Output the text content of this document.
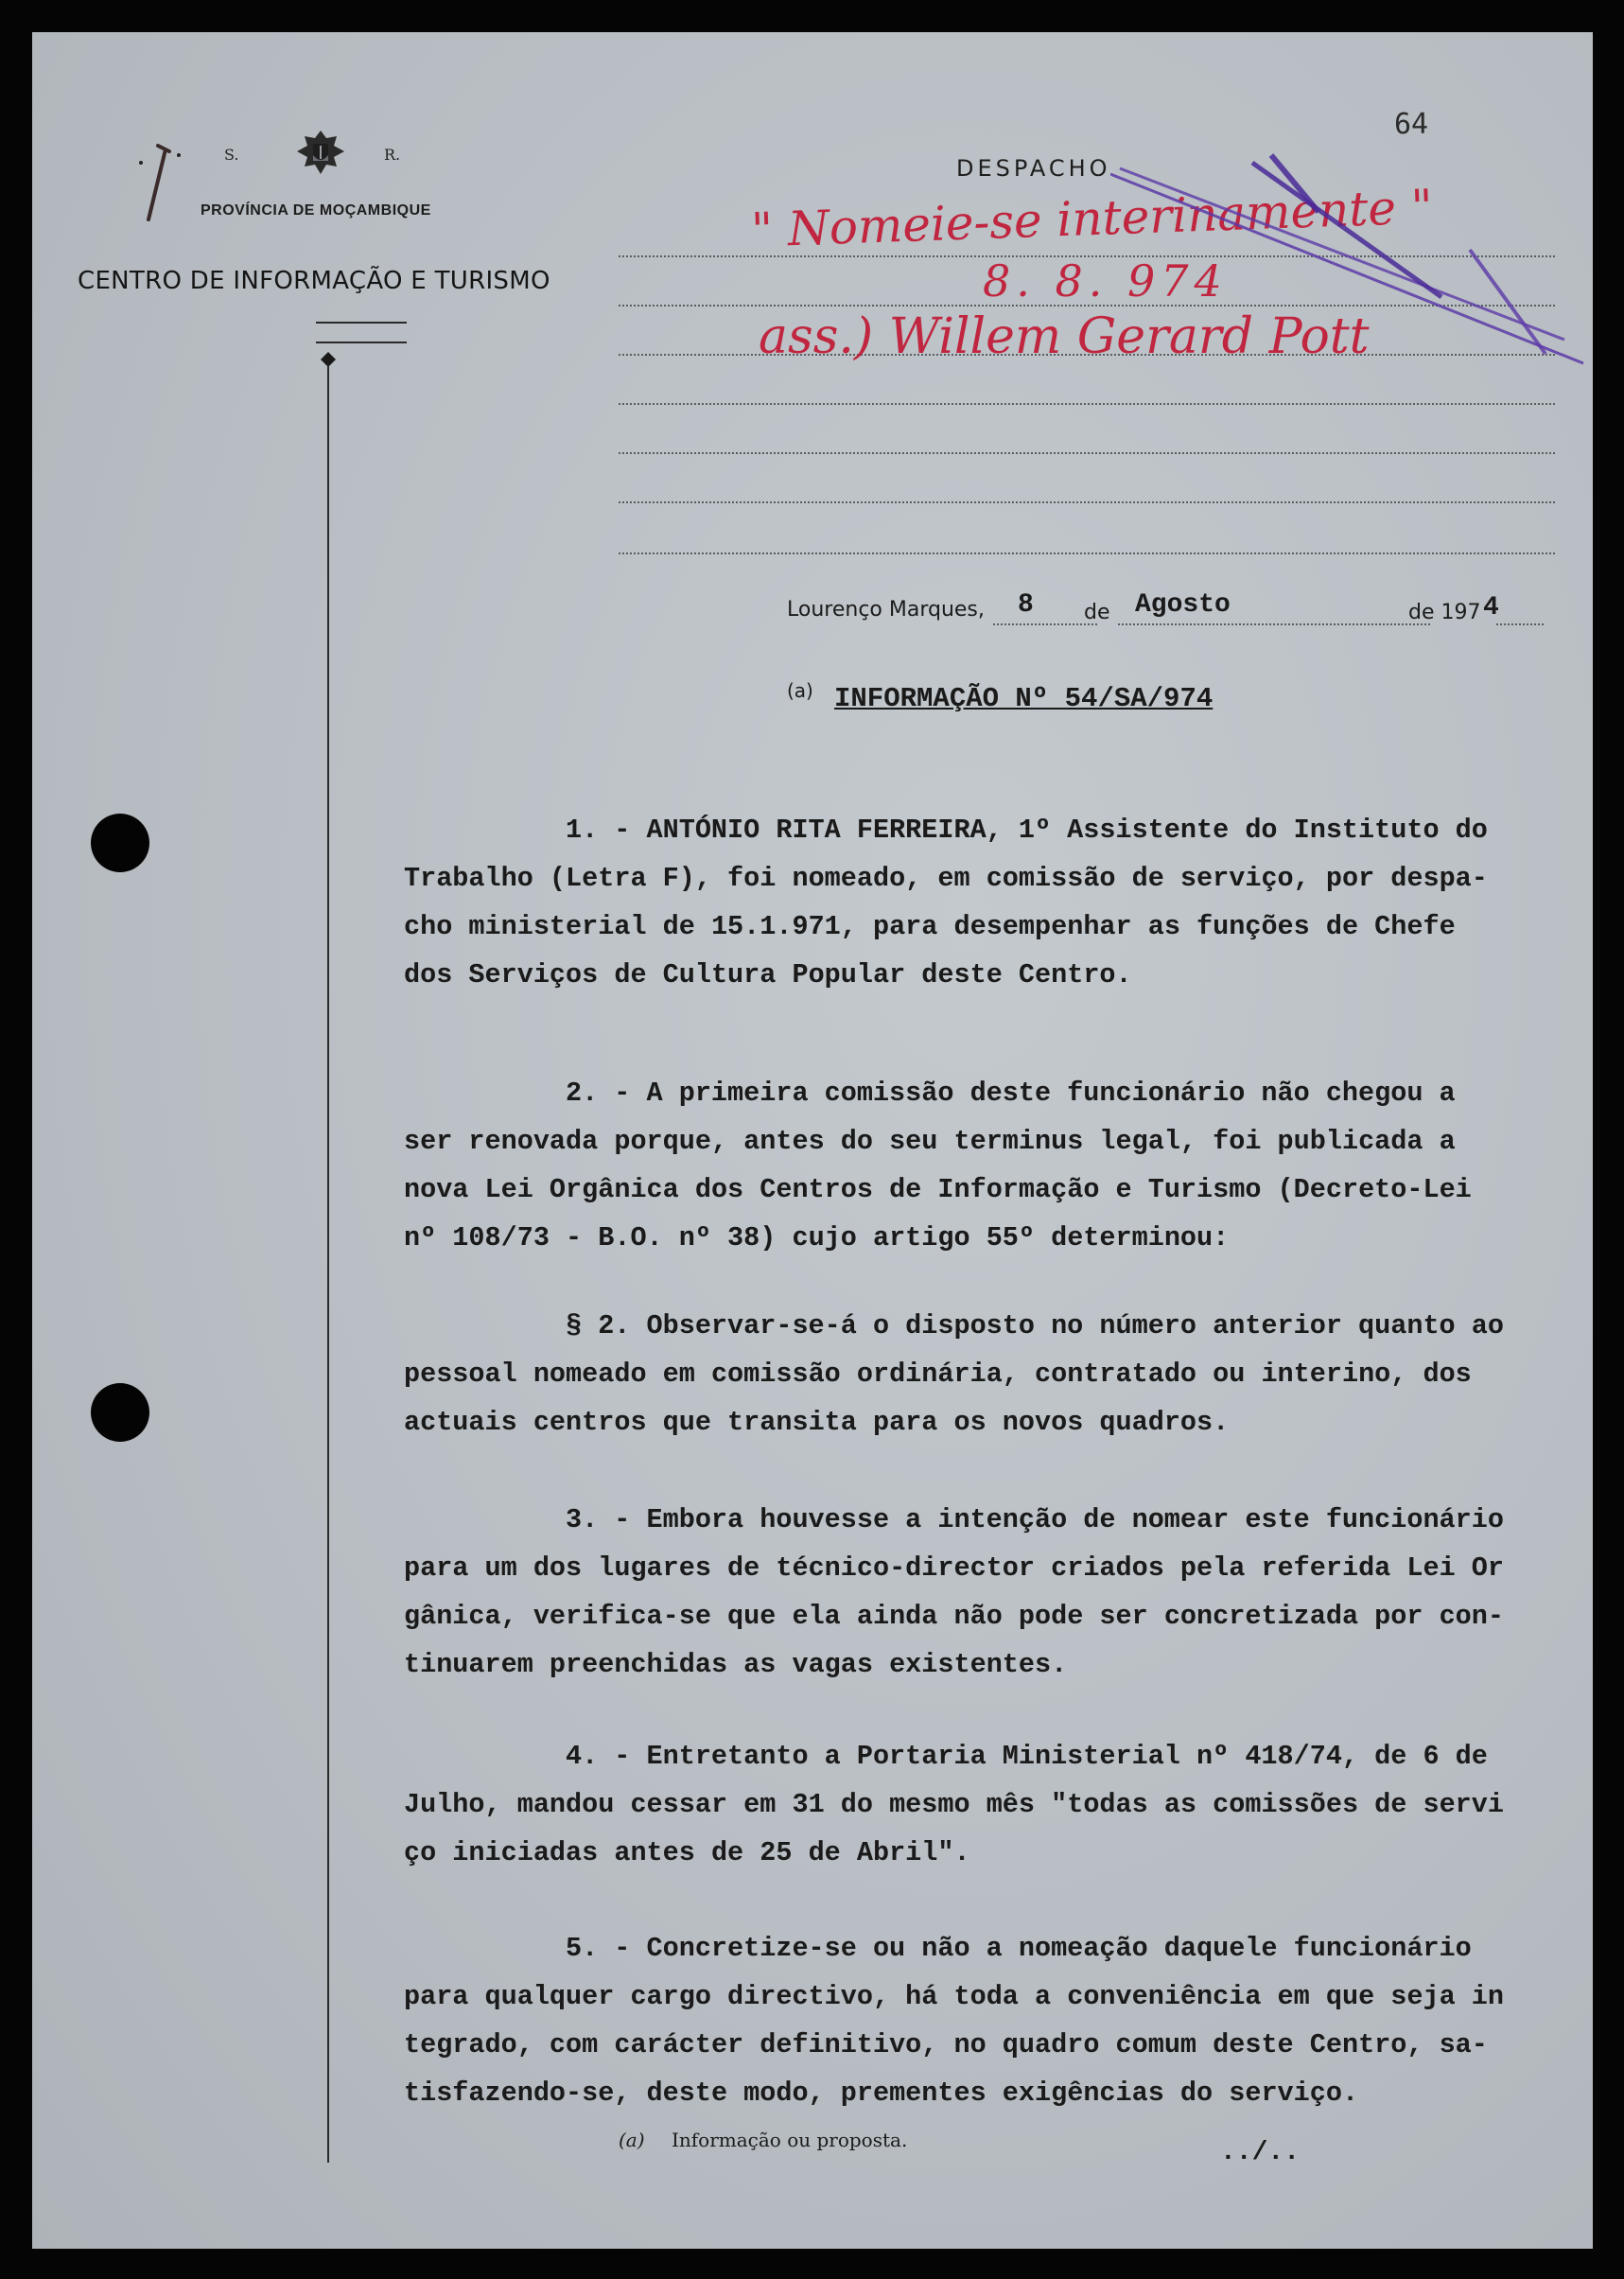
S.	R.
PROVÍNCIA DE MOÇAMBIQUE
CENTRO DE INFORMAÇÃO E TURISMO
DESPACHO
64
" Nomeie-se interinamente "
8. 8. 974
ass.) Willem Gerard Pott
Lourenço Marques, 8 de Agosto	de 197 4
(a) INFORMAÇÃO Nº 54/SA/974

1. - ANTÓNIO RITA FERREIRA, 1º Assistente do Instituto do

Trabalho (Letra F), foi nomeado, em comissão de serviço, por despa-

cho ministerial de 15.1.971, para desempenhar as funções de Chefe

dos Serviços de Cultura Popular deste Centro.

2. - A primeira comissão deste funcionário não chegou a

ser renovada porque, antes do seu terminus legal, foi publicada a

nova Lei Orgânica dos Centros de Informação e Turismo (Decreto-Lei

nº 108/73 - B.O. nº 38) cujo artigo 55º determinou:

§ 2. Observar-se-á o disposto no número anterior quanto ao

pessoal nomeado em comissão ordinária, contratado ou interino, dos

actuais centros que transita para os novos quadros.

3. - Embora houvesse a intenção de nomear este funcionário

para um dos lugares de técnico-director criados pela referida Lei Or

gânica, verifica-se que ela ainda não pode ser concretizada por con-

tinuarem preenchidas as vagas existentes.

4. - Entretanto a Portaria Ministerial nº 418/74, de 6 de

Julho, mandou cessar em 31 do mesmo mês "todas as comissões de servi

ço iniciadas antes de 25 de Abril".

5. - Concretize-se ou não a nomeação daquele funcionário

para qualquer cargo directivo, há toda a conveniência em que seja in

tegrado, com carácter definitivo, no quadro comum deste Centro, sa-

tisfazendo-se, deste modo, prementes exigências do serviço.

(a) Informação ou proposta.	../..
